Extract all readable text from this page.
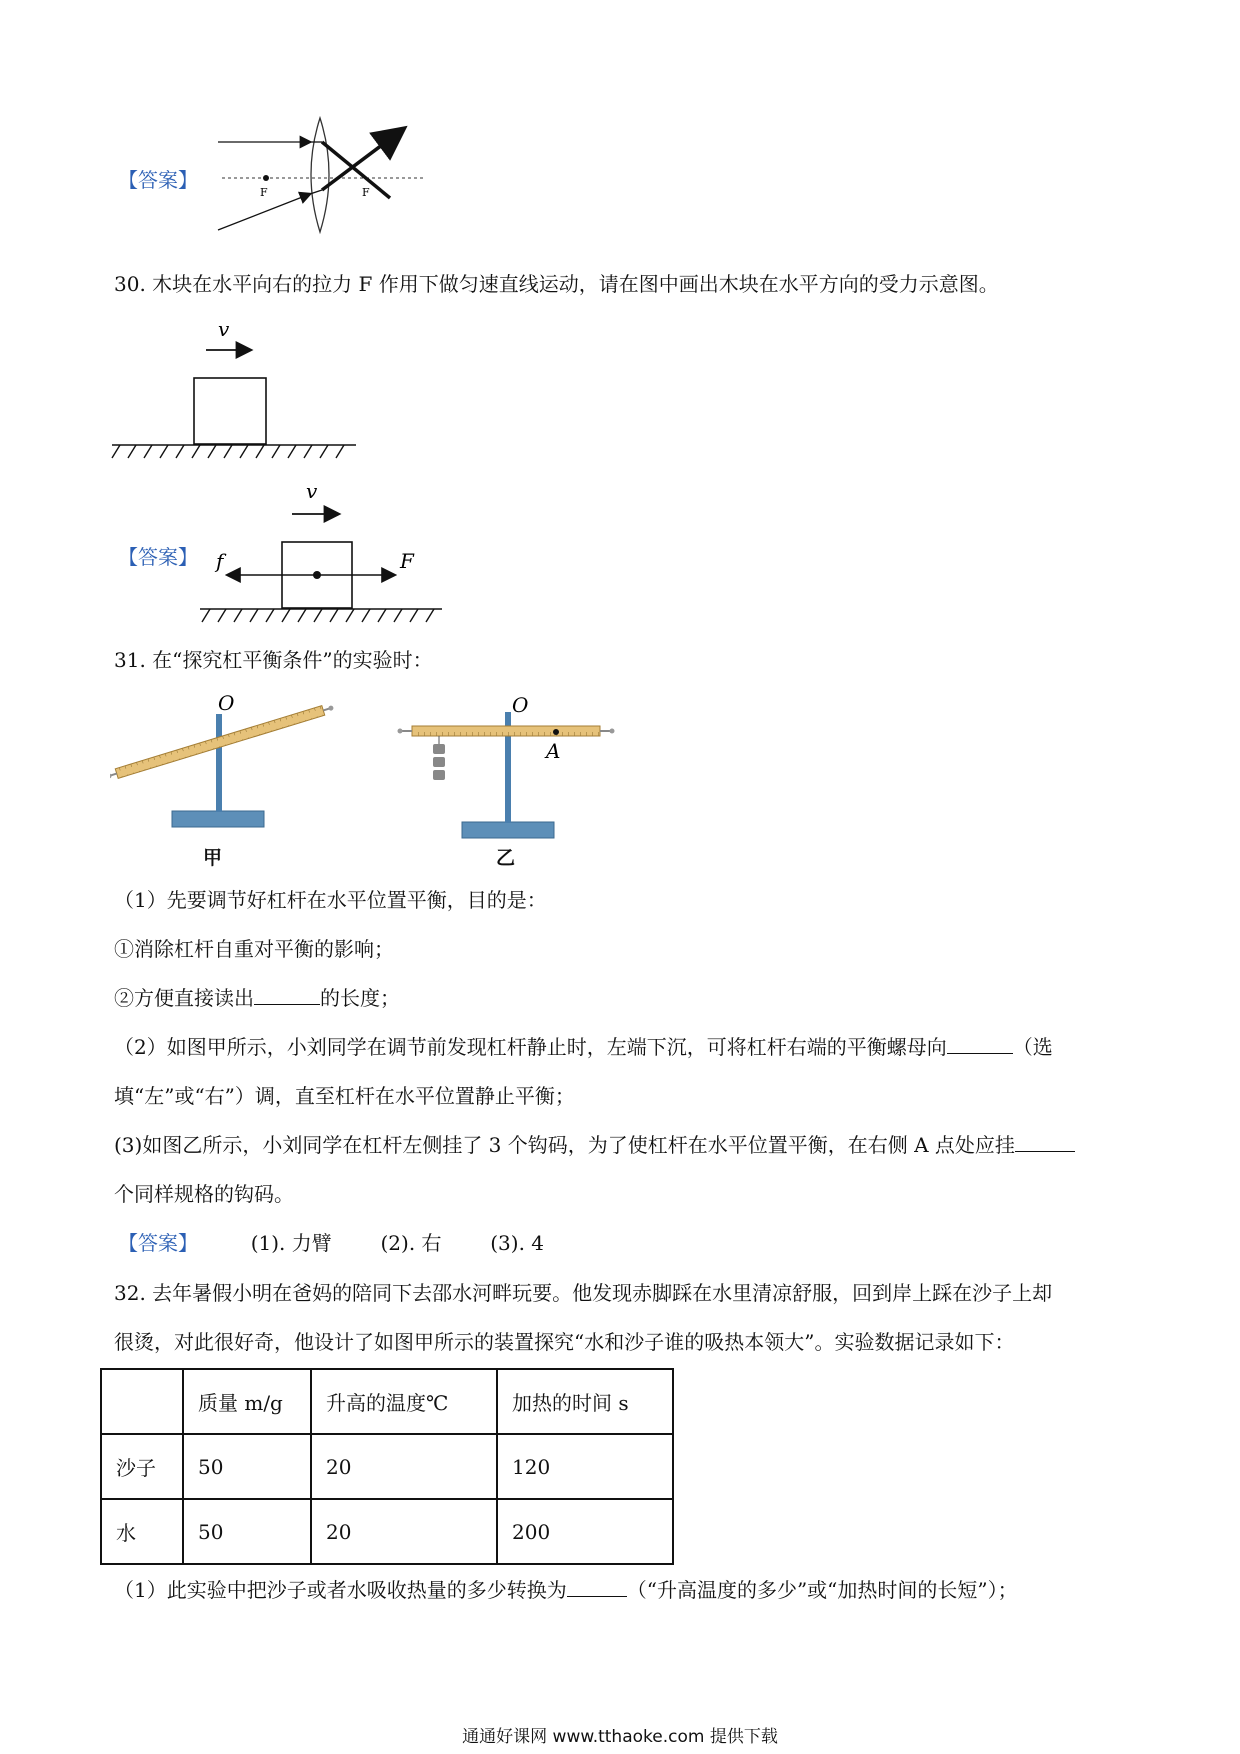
【答案】
F	F
30. 木块在水平向右的拉力 F 作用下做匀速直线运动，请在图中画出木块在水平方向的受力示意图。
v
【答案】
v
f	F
31. 在“探究杠平衡条件”的实验时：
O
甲
O
A
乙
（1）先要调节好杠杆在水平位置平衡，目的是：
①消除杠杆自重对平衡的影响；
②方便直接读出	的长度；
（2）如图甲所示，小刘同学在调节前发现杠杆静止时，左端下沉，可将杠杆右端的平衡螺母向	（选
填“左”或“右”）调，直至杠杆在水平位置静止平衡；
(3)如图乙所示，小刘同学在杠杆左侧挂了 3 个钩码，为了使杠杆在水平位置平衡，在右侧 A 点处应挂
个同样规格的钩码。
【答案】	(1). 力臂 (2). 右 (3). 4
32. 去年暑假小明在爸妈的陪同下去邵水河畔玩要。他发现赤脚踩在水里清凉舒服，回到岸上踩在沙子上却
很烫，对此很好奇，他设计了如图甲所示的装置探究“水和沙子谁的吸热本领大”。实验数据记录如下：
	质量 m/g	升高的温度℃	加热的时间 s
沙子	50	20	120
水	50	20	200
（1）此实验中把沙子或者水吸收热量的多少转换为	（“升高温度的多少”或“加热时间的长短”）；
通通好课网 www.tthaoke.com 提供下载
